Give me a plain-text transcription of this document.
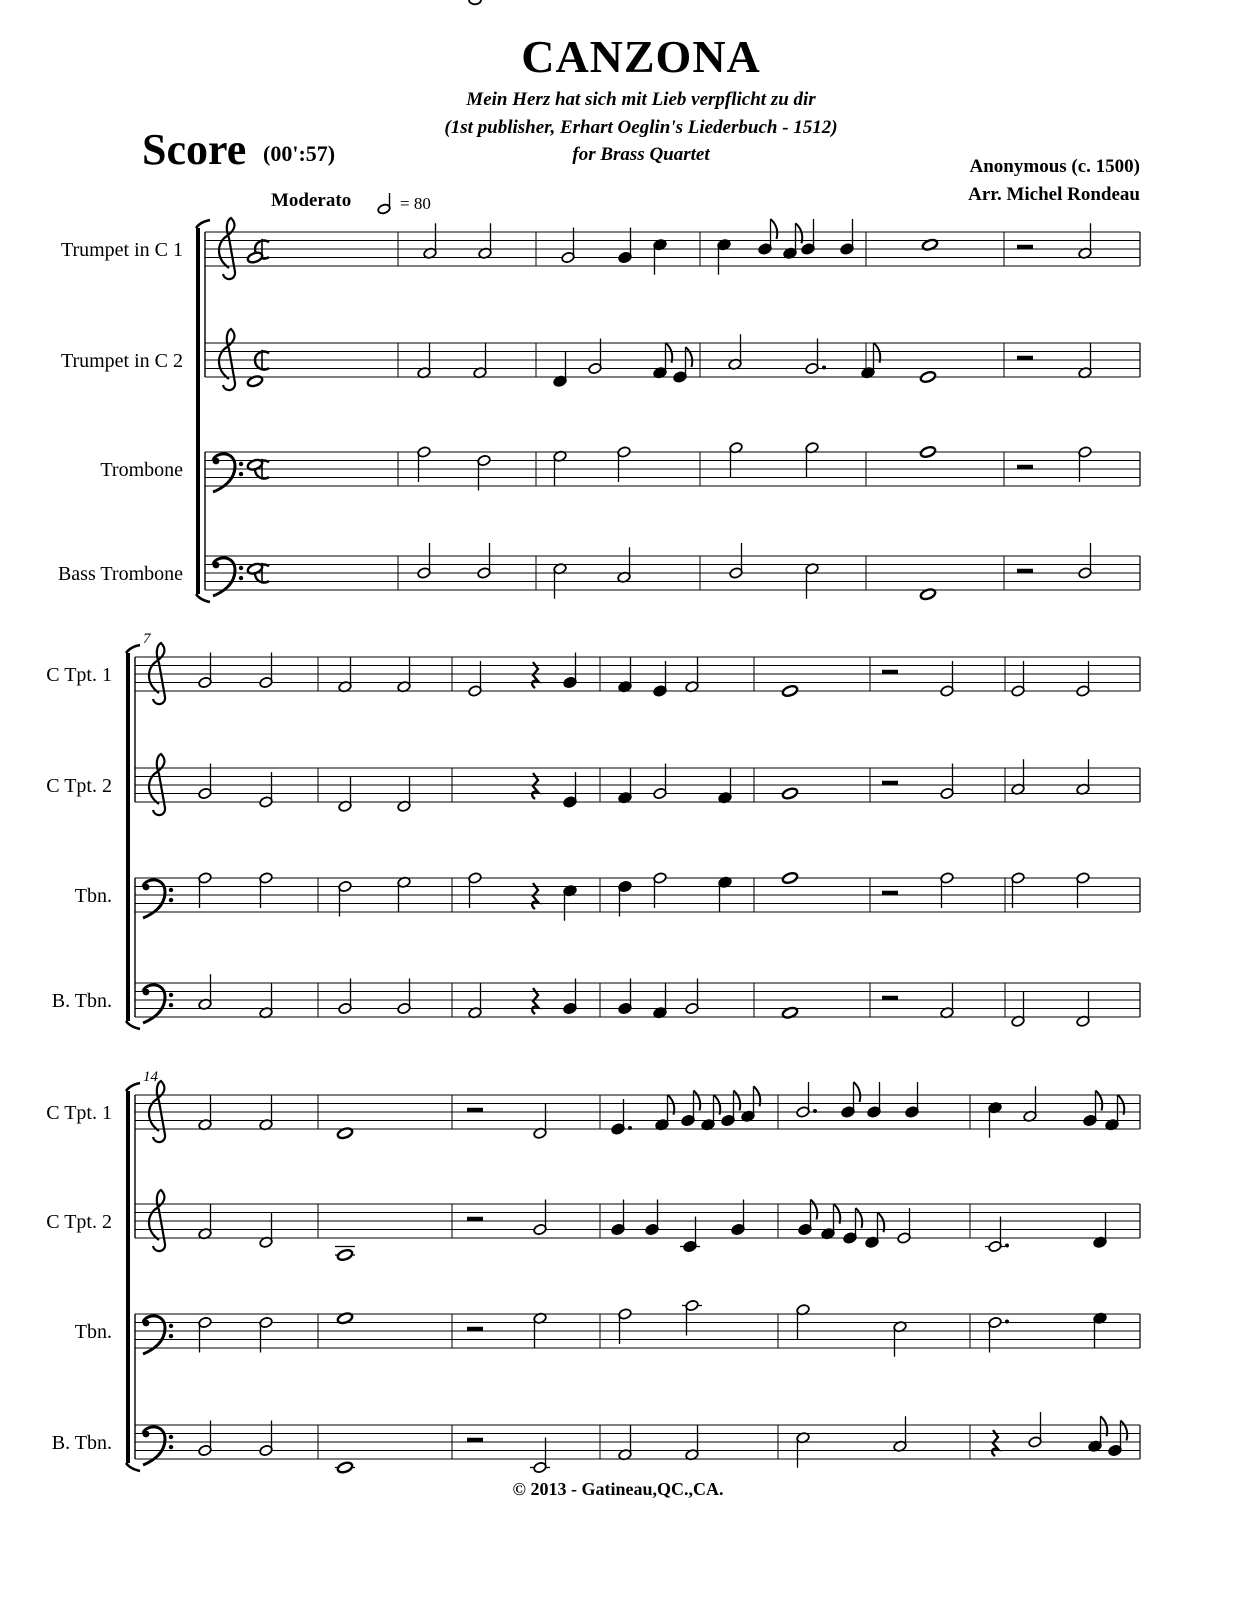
CANZONA
Mein Herz hat sich mit Lieb verpflicht zu dir
(1st publisher, Erhart Oeglin's Liederbuch - 1512)
for Brass Quartet
Score (00':57)
Anonymous (c. 1500)
Arr. Michel Rondeau
Moderato	= 80
Trumpet in C 1
Trumpet in C 2
Trombone
Bass Trombone
C Tpt. 1
C Tpt. 2
Tbn.
B. Tbn.
7
C Tpt. 1
C Tpt. 2
Tbn.
B. Tbn.
14
© 2013 - Gatineau,QC.,CA.
